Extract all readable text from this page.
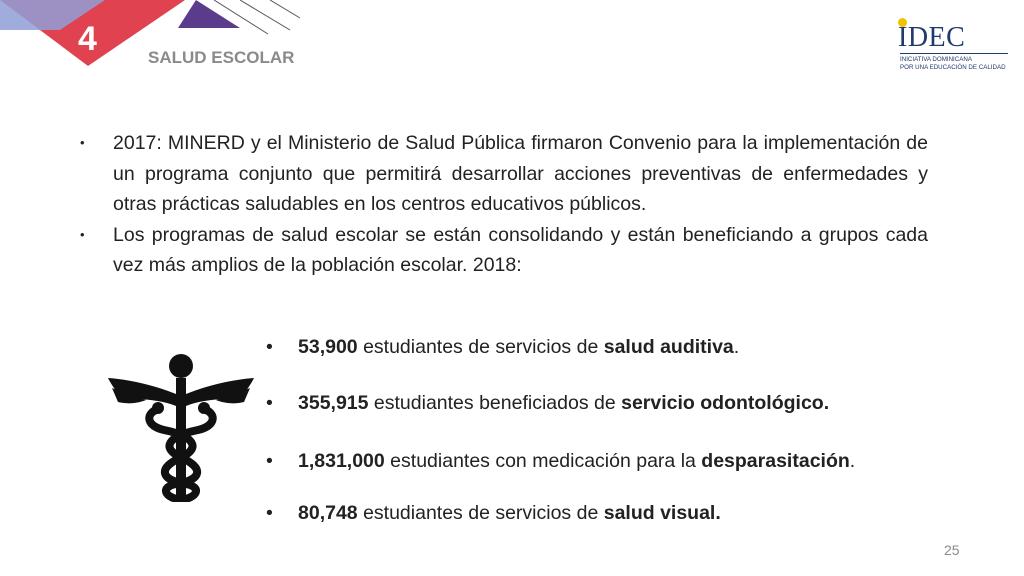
4	SALUD ESCOLAR
IDEC
INICIATIVA DOMINICANA
POR UNA EDUCACIÓN DE CALIDAD
• 2017: MINERD y el Ministerio de Salud Pública firmaron Convenio para la implementación de un programa conjunto que permitirá desarrollar acciones preventivas de enfermedades y otras prácticas saludables en los centros educativos públicos.
• Los programas de salud escolar se están consolidando y están beneficiando a grupos cada vez más amplios de la población escolar. 2018:
• 53,900 estudiantes de servicios de salud auditiva.
• 355,915 estudiantes beneficiados de servicio odontológico.
• 1,831,000 estudiantes con medicación para la desparasitación.
• 80,748 estudiantes de servicios de salud visual.
25
